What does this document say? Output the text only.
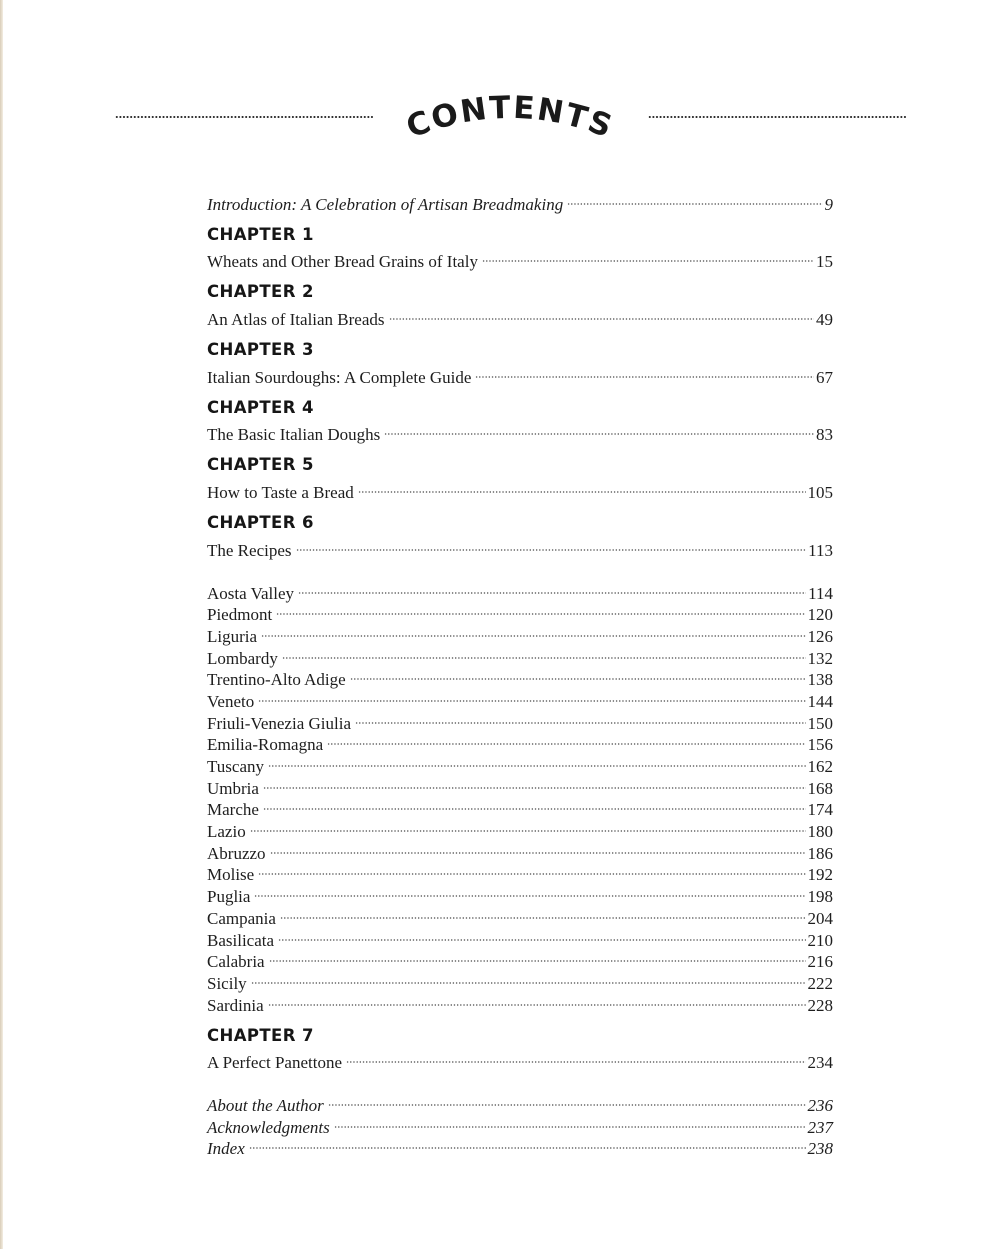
CONTENTS
Introduction: A Celebration of Artisan Breadmaking	9
CHAPTER 1
Wheats and Other Bread Grains of Italy	15
CHAPTER 2
An Atlas of Italian Breads	49
CHAPTER 3
Italian Sourdoughs: A Complete Guide	67
CHAPTER 4
The Basic Italian Doughs	83
CHAPTER 5
How to Taste a Bread	105
CHAPTER 6
The Recipes	113
Aosta Valley	114
Piedmont	120
Liguria	126
Lombardy	132
Trentino-Alto Adige	138
Veneto	144
Friuli-Venezia Giulia	150
Emilia-Romagna	156
Tuscany	162
Umbria	168
Marche	174
Lazio	180
Abruzzo	186
Molise	192
Puglia	198
Campania	204
Basilicata	210
Calabria	216
Sicily	222
Sardinia	228
CHAPTER 7
A Perfect Panettone	234
About the Author	236
Acknowledgments	237
Index	238
